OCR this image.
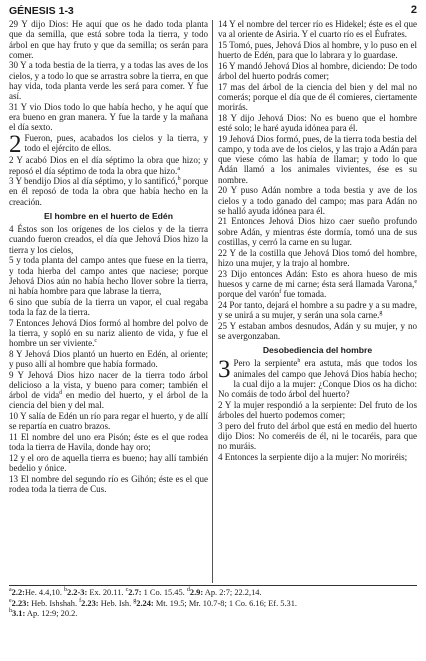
GÉNESIS 1-3	2
29 Y dijo Dios: He aquí que os he dado toda planta que da semilla, que está sobre toda la tierra, y todo árbol en que hay fruto y que da semilla; os serán para comer.
30 Y a toda bestia de la tierra, y a todas las aves de los cielos, y a todo lo que se arrastra sobre la tierra, en que hay vida, toda planta verde les será para comer. Y fue así.
31 Y vio Dios todo lo que había hecho, y he aquí que era bueno en gran manera. Y fue la tarde y la mañana el día sexto.
2 Fueron, pues, acabados los cielos y la tierra, y todo el ejército de ellos.
2 Y acabó Dios en el día séptimo la obra que hizo; y reposó el día séptimo de toda la obra que hizo.$^a$
3 Y bendijo Dios al día séptimo, y lo santificó,$^b$ porque en él reposó de toda la obra que había hecho en la creación.
El hombre en el huerto de Edén
4 Éstos son los orígenes de los cielos y de la tierra cuando fueron creados, el día que Jehová Dios hizo la tierra y los cielos,
5 y toda planta del campo antes que fuese en la tierra, y toda hierba del campo antes que naciese; porque Jehová Dios aún no había hecho llover sobre la tierra, ni había hombre para que labrase la tierra,
6 sino que subía de la tierra un vapor, el cual regaba toda la faz de la tierra.
7 Entonces Jehová Dios formó al hombre del polvo de la tierra, y sopló en su nariz aliento de vida, y fue el hombre un ser viviente.$^c$
8 Y Jehová Dios plantó un huerto en Edén, al oriente; y puso allí al hombre que había formado.
9 Y Jehová Dios hizo nacer de la tierra todo árbol delicioso a la vista, y bueno para comer; también el árbol de vida$^d$ en medio del huerto, y el árbol de la ciencia del bien y del mal.
10 Y salía de Edén un río para regar el huerto, y de allí se repartía en cuatro brazos.
11 El nombre del uno era Pisón; éste es el que rodea toda la tierra de Havila, donde hay oro;
12 y el oro de aquella tierra es bueno; hay allí también bedelio y ónice.
13 El nombre del segundo río es Gihón; éste es el que rodea toda la tierra de Cus.
14 Y el nombre del tercer río es Hidekel; éste es el que va al oriente de Asiria. Y el cuarto río es el Éufrates.
15 Tomó, pues, Jehová Dios al hombre, y lo puso en el huerto de Edén, para que lo labrara y lo guardase.
16 Y mandó Jehová Dios al hombre, diciendo: De todo árbol del huerto podrás comer;
17 mas del árbol de la ciencia del bien y del mal no comerás; porque el día que de él comieres, ciertamente morirás.
18 Y dijo Jehová Dios: No es bueno que el hombre esté solo; le haré ayuda idónea para él.
19 Jehová Dios formó, pues, de la tierra toda bestia del campo, y toda ave de los cielos, y las trajo a Adán para que viese cómo las había de llamar; y todo lo que Adán llamó a los animales vivientes, ése es su nombre.
20 Y puso Adán nombre a toda bestia y ave de los cielos y a todo ganado del campo; mas para Adán no se halló ayuda idónea para él.
21 Entonces Jehová Dios hizo caer sueño profundo sobre Adán, y mientras éste dormía, tomó una de sus costillas, y cerró la carne en su lugar.
22 Y de la costilla que Jehová Dios tomó del hombre, hizo una mujer, y la trajo al hombre.
23 Dijo entonces Adán: Esto es ahora hueso de mis huesos y carne de mi carne; ésta será llamada Varona,$^e$ porque del varón$^f$ fue tomada.
24 Por tanto, dejará el hombre a su padre y a su madre, y se unirá a su mujer, y serán una sola carne.$^g$
25 Y estaban ambos desnudos, Adán y su mujer, y no se avergonzaban.
Desobediencia del hombre
3 Pero la serpiente$^h$ era astuta, más que todos los animales del campo que Jehová Dios había hecho; la cual dijo a la mujer: ¿Conque Dios os ha dicho: No comáis de todo árbol del huerto?
2 Y la mujer respondió a la serpiente: Del fruto de los árboles del huerto podemos comer;
3 pero del fruto del árbol que está en medio del huerto dijo Dios: No comeréis de él, ni le tocaréis, para que no muráis.
4 Entonces la serpiente dijo a la mujer: No moriréis;
$^a$2.2:He. 4.4,10. $^b$2.2-3: Ex. 20.11. $^c$2.7: 1 Co. 15.45. $^d$2.9: Ap. 2:7; 22.2,14.
$^e$2.23: Heb. Ishshah. $^f$2.23: Heb. Ish. $^g$2.24: Mt. 19.5; Mr. 10.7-8; 1 Co. 6.16; Ef. 5.31.
$^h$3.1: Ap. 12:9; 20.2.
